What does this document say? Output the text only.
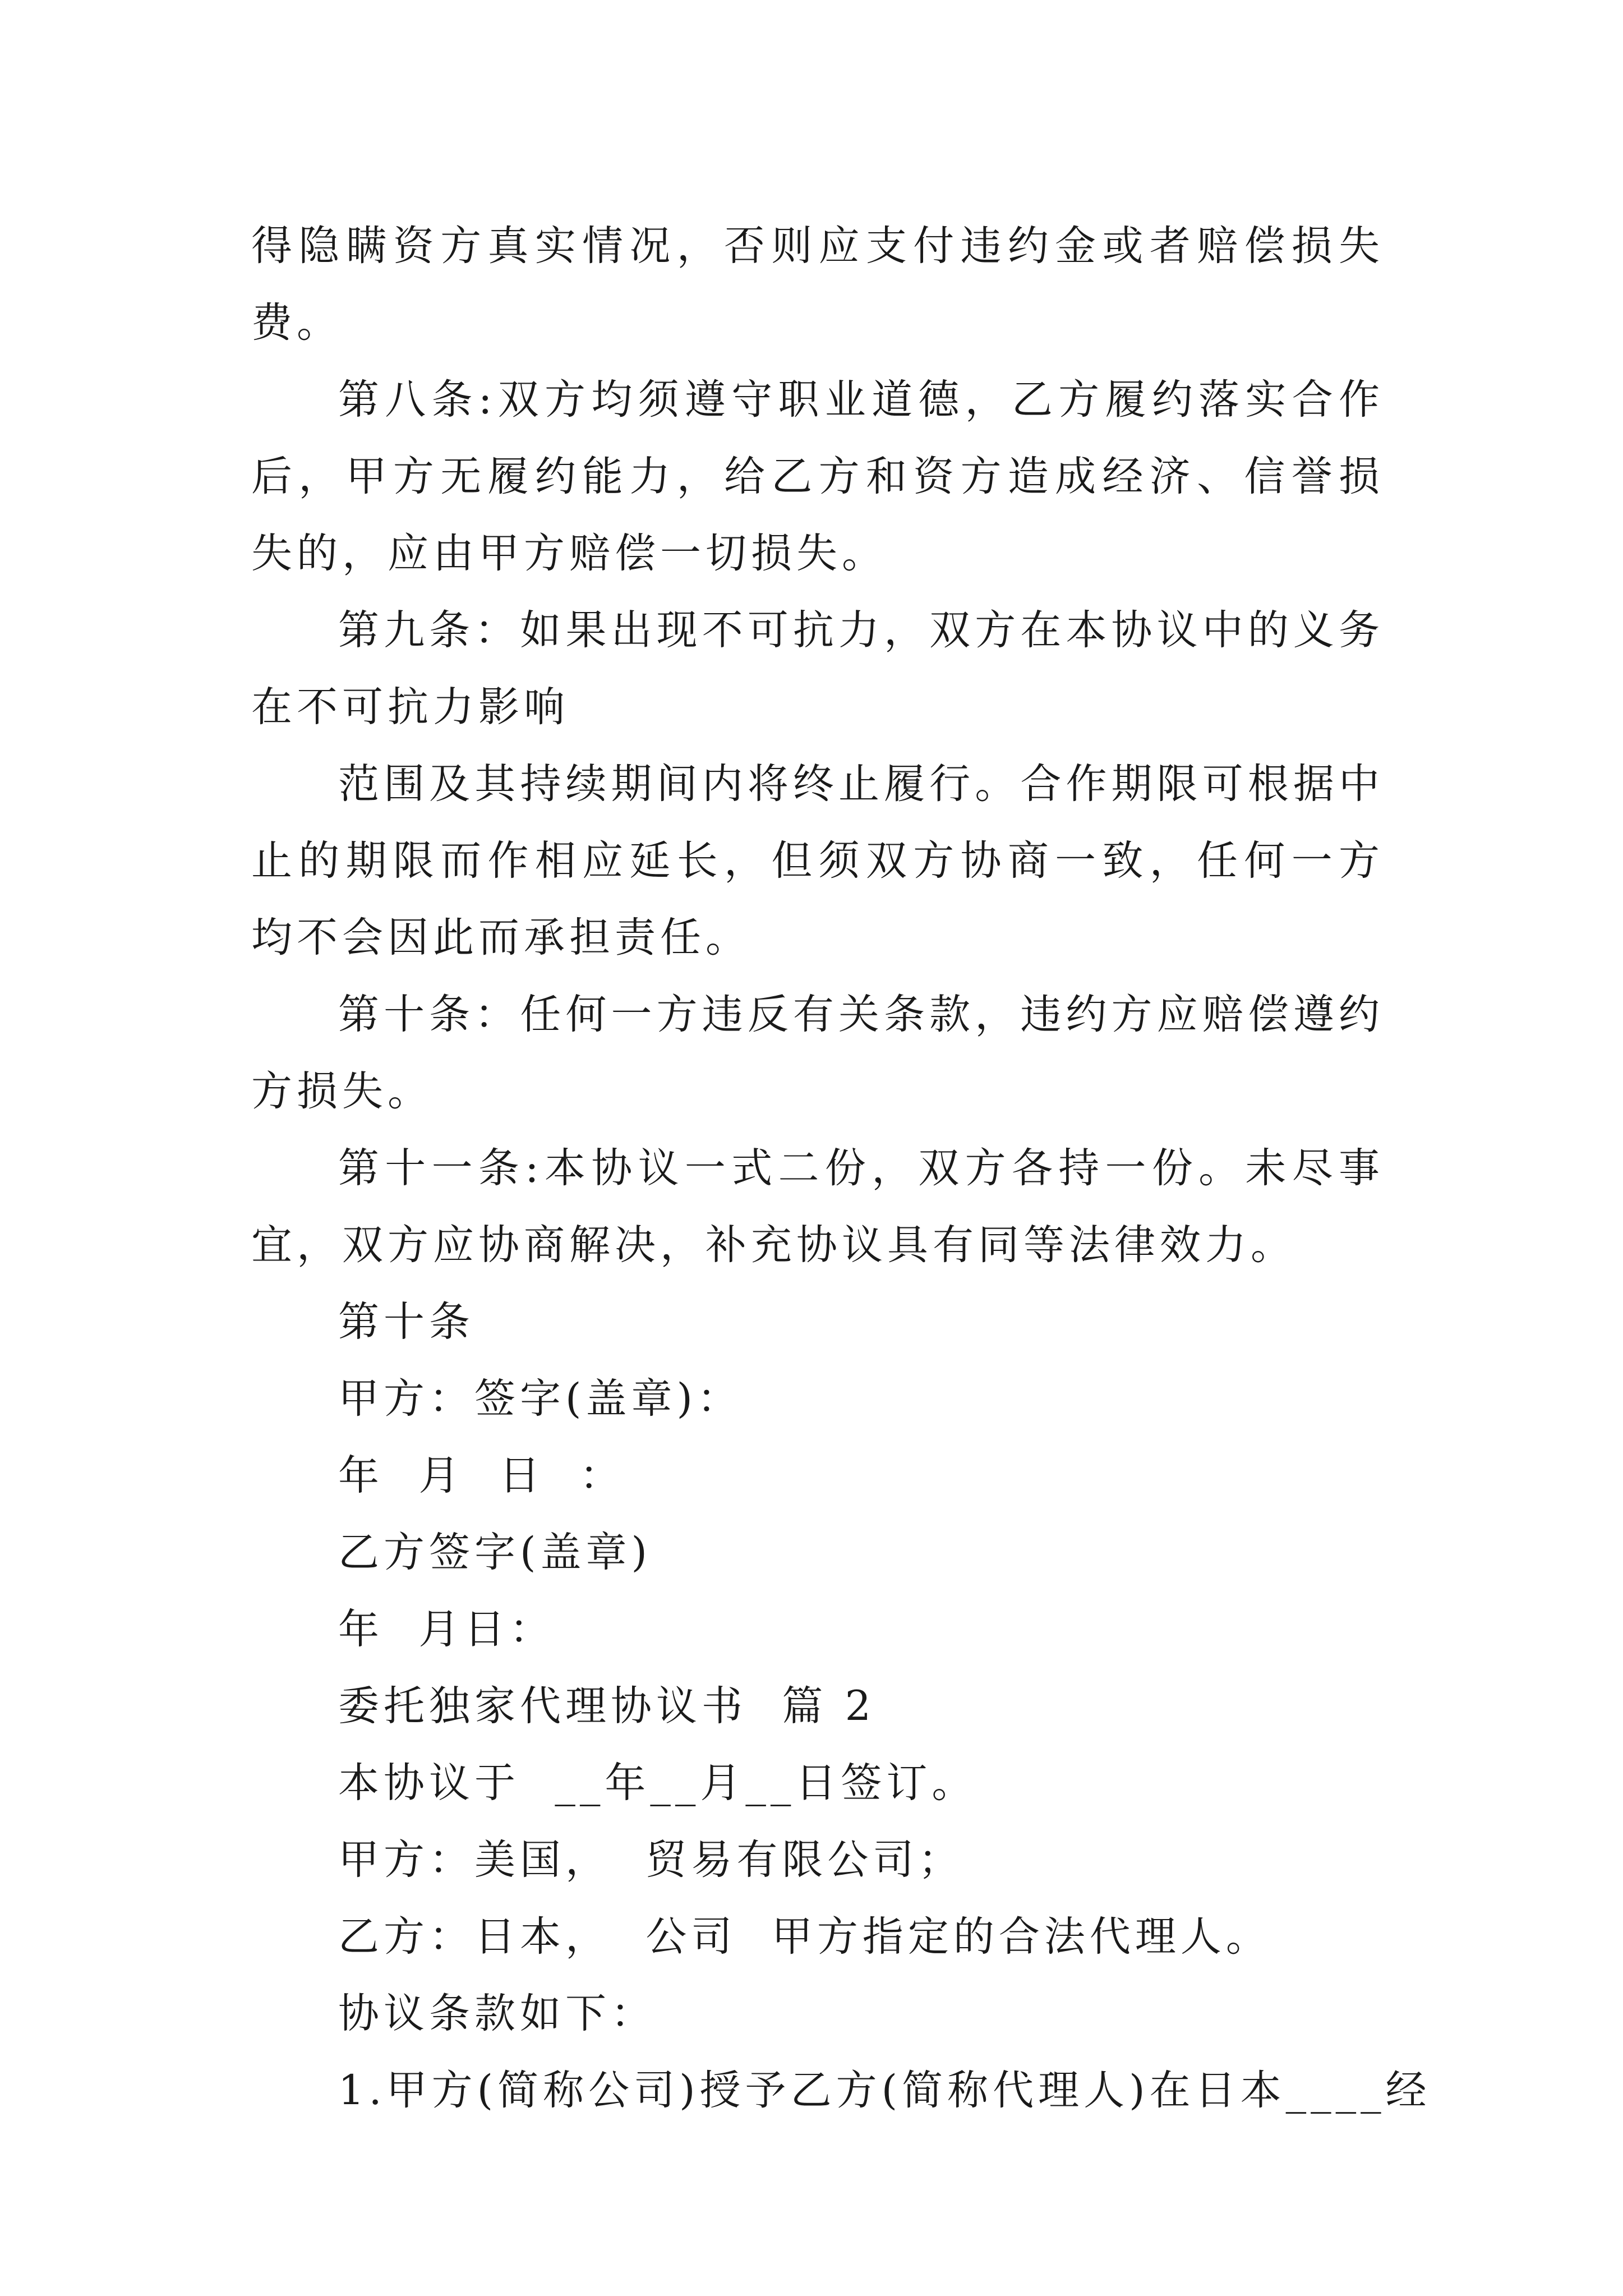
得隐瞒资方真实情况，否则应支付违约金或者赔偿损失费。

第八条:双方均须遵守职业道德，乙方履约落实合作后，甲方无履约能力，给乙方和资方造成经济、信誉损失的，应由甲方赔偿一切损失。

第九条：如果出现不可抗力，双方在本协议中的义务在不可抗力影响

范围及其持续期间内将终止履行。合作期限可根据中止的期限而作相应延长，但须双方协商一致，任何一方均不会因此而承担责任。

第十条：任何一方违反有关条款，违约方应赔偿遵约方损失。

第十一条:本协议一式二份，双方各持一份。未尽事宜，双方应协商解决，补充协议具有同等法律效力。

第十条

甲方：签字(盖章)：

年  月  日  ：

乙方签字(盖章)

年  月日：

委托独家代理协议书  篇 2

本协议于  __年__月__日签订。

甲方：美国，  贸易有限公司；

乙方：日本，  公司  甲方指定的合法代理人。

协议条款如下：

1.甲方(简称公司)授予乙方(简称代理人)在日本____经
